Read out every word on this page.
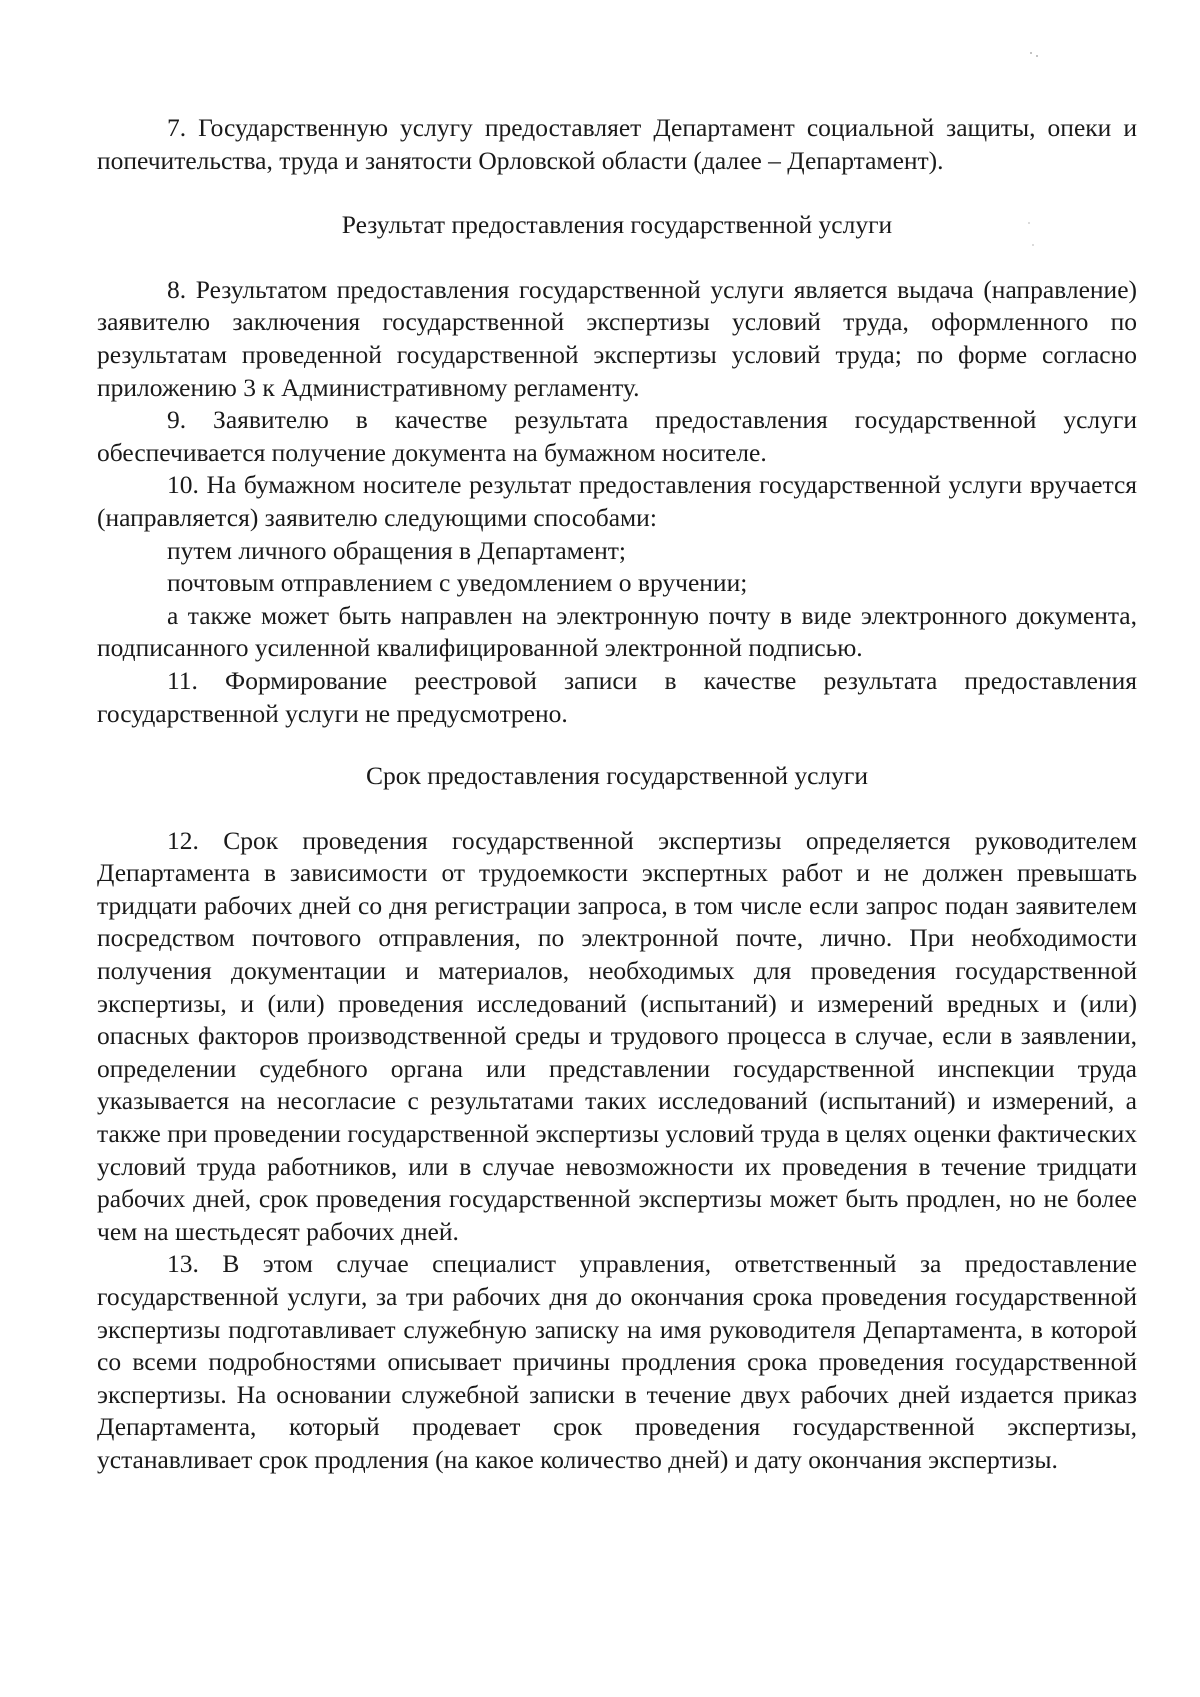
7. Государственную услугу предоставляет Департамент социальной защиты, опеки и попечительства, труда и занятости Орловской области (далее – Департамент).

Результат предоставления государственной услуги

8. Результатом предоставления государственной услуги является выдача (направление) заявителю заключения государственной экспертизы условий труда, оформленного по результатам проведенной государственной экспертизы условий труда; по форме согласно приложению 3 к Административному регламенту.

9. Заявителю в качестве результата предоставления государственной услуги обеспечивается получение документа на бумажном носителе.

10. На бумажном носителе результат предоставления государственной услуги вручается (направляется) заявителю следующими способами:

путем личного обращения в Департамент;

почтовым отправлением с уведомлением о вручении;

а также может быть направлен на электронную почту в виде электронного документа, подписанного усиленной квалифицированной электронной подписью.

11. Формирование реестровой записи в качестве результата предоставления государственной услуги не предусмотрено.

Срок предоставления государственной услуги

12. Срок проведения государственной экспертизы определяется руководителем Департамента в зависимости от трудоемкости экспертных работ и не должен превышать тридцати рабочих дней со дня регистрации запроса, в том числе если запрос подан заявителем посредством почтового отправления, по электронной почте, лично. При необходимости получения документации и материалов, необходимых для проведения государственной экспертизы, и (или) проведения исследований (испытаний) и измерений вредных и (или) опасных факторов производственной среды и трудового процесса в случае, если в заявлении, определении судебного органа или представлении государственной инспекции труда указывается на несогласие с результатами таких исследований (испытаний) и измерений, а также при проведении государственной экспертизы условий труда в целях оценки фактических условий труда работников, или в случае невозможности их проведения в течение тридцати рабочих дней, срок проведения государственной экспертизы может быть продлен, но не более чем на шестьдесят рабочих дней.

13. В этом случае специалист управления, ответственный за предоставление государственной услуги, за три рабочих дня до окончания срока проведения государственной экспертизы подготавливает служебную записку на имя руководителя Департамента, в которой со всеми подробностями описывает причины продления срока проведения государственной экспертизы. На основании служебной записки в течение двух рабочих дней издается приказ Департамента, который продевает срок проведения государственной экспертизы, устанавливает срок продления (на какое количество дней) и дату окончания экспертизы.
